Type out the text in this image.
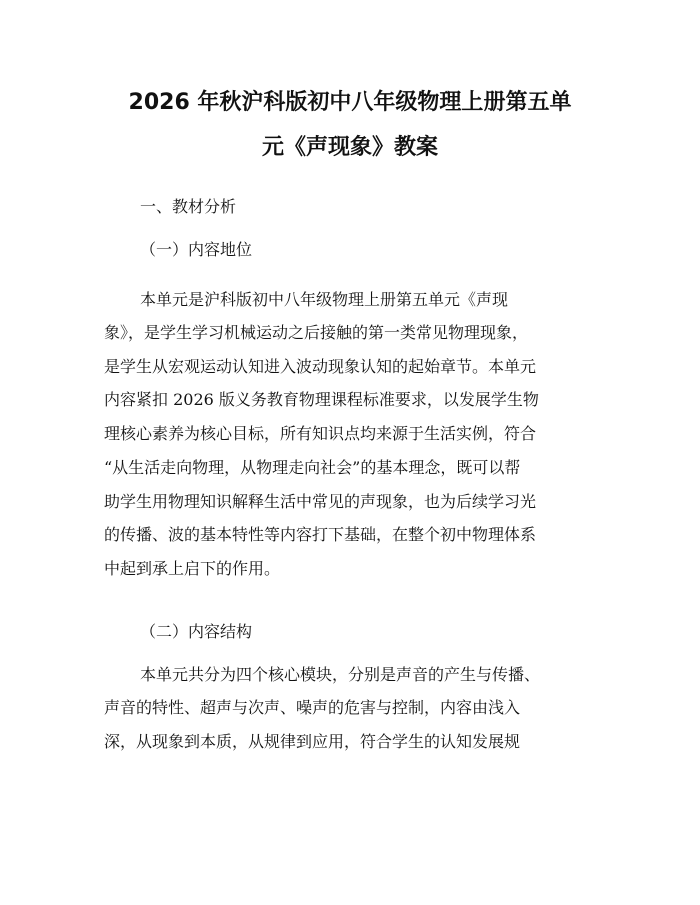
2026 年秋沪科版初中八年级物理上册第五单
元《声现象》教案
一、教材分析
（一）内容地位
本单元是沪科版初中八年级物理上册第五单元《声现
象》，是学生学习机械运动之后接触的第一类常见物理现象，
是学生从宏观运动认知进入波动现象认知的起始章节。本单元
内容紧扣 2026 版义务教育物理课程标准要求，以发展学生物
理核心素养为核心目标，所有知识点均来源于生活实例，符合
“从生活走向物理，从物理走向社会”的基本理念，既可以帮
助学生用物理知识解释生活中常见的声现象，也为后续学习光
的传播、波的基本特性等内容打下基础，在整个初中物理体系
中起到承上启下的作用。
（二）内容结构
本单元共分为四个核心模块，分别是声音的产生与传播、
声音的特性、超声与次声、噪声的危害与控制，内容由浅入
深，从现象到本质，从规律到应用，符合学生的认知发展规
